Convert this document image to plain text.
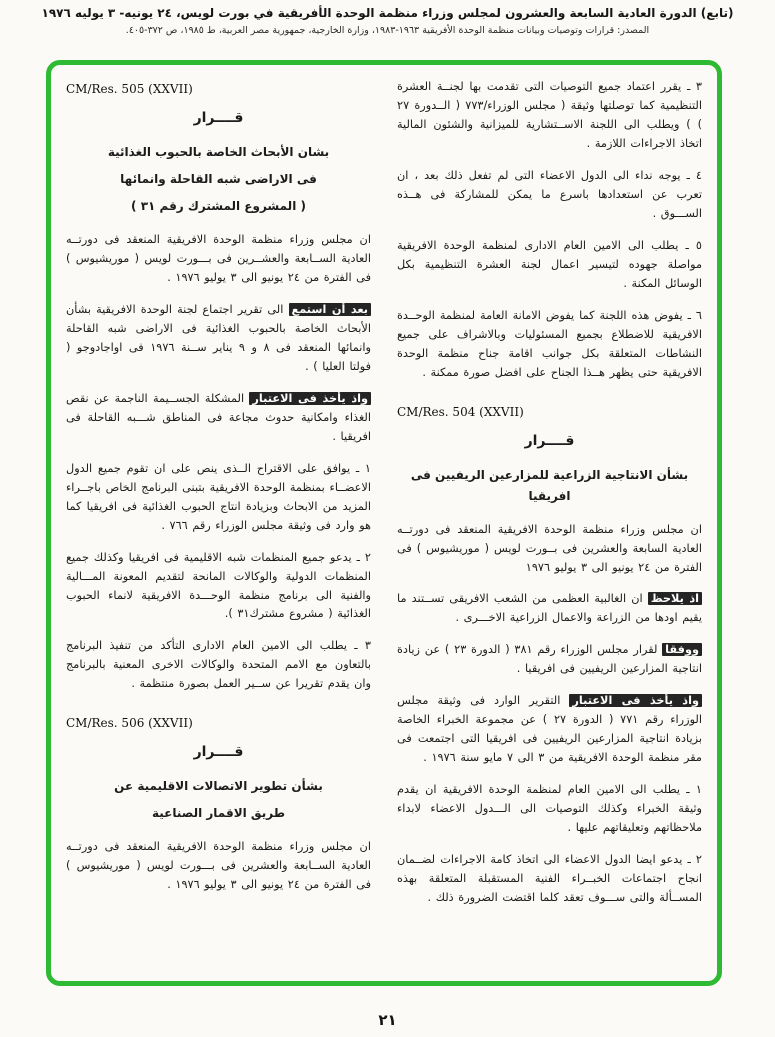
(تابع) الدورة العادية السابعة والعشرون لمجلس وزراء منظمة الوحدة الأفريقية في بورت لويس، ٢٤ يونيه- ٣ يوليه ١٩٧٦
المصدر: قرارات وتوصيات وبيانات منظمة الوحدة الأفريقية ١٩٦٣-١٩٨٣، وزارة الخارجية، جمهورية مصر العربية، ط ١٩٨٥، ص ٣٧٢-٤٠٥.
٣ ـ يقرر اعتماد جميع التوصيات التى تقدمت بها لجنــة العشرة التنظيمية كما توصلتها وثيقة ( مجلس الوزراء/٧٧٣ ( الــدورة ٢٧ ) ) ويطلب الى اللجنة الاســتشارية للميزانية والشئون المالية اتخاذ الاجراءات اللازمة .
٤ ـ يوجه نداء الى الدول الاعضاء التى لم تفعل ذلك بعد ، ان تعرب عن استعدادها باسرع ما يمكن للمشاركة فى هــذه الســـوق .
٥ ـ يطلب الى الامين العام الادارى لمنظمة الوحدة الافريقية مواصلة جهوده لتيسير اعمال لجنة العشرة التنظيمية بكل الوسائل المكنة .
٦ ـ يفوض هذه اللجنة كما يفوض الامانة العامة لمنظمة الوحــدة الافريقية للاضطلاع بجميع المسئوليات وبالاشراف على جميع النشاطات المتعلقة بكل جوانب اقامة جناح منظمة الوحدة الافريقية حتى يظهر هــذا الجناح على افضل صورة ممكنة .
CM/Res. 504 (XXVII)
قــــرار
بشأن الانتاجية الزراعية للمزارعين الريفيين فى افريقيا
ان مجلس وزراء منظمة الوحدة الافريقية المنعقد فى دورتــه العادية السابعة والعشرين فى بــورت لويس ( موريشيوس ) فى الفترة من ٢٤ يونيو الى ٣ يوليو ١٩٧٦
اذ يلاحظ ان الغالبية العظمى من الشعب الافريقى تســتند ما يقيم اودها من الزراعة والاعمال الزراعية الاخـــرى .
ووفقا لقرار مجلس الوزراء رقم ٣٨١ ( الدورة ٢٣ ) عن زيادة انتاجية المزارعين الريفيين فى افريقيا .
واذ يأخذ فى الاعتبار التقرير الوارد فى وثيقة مجلس الوزراء رقم ٧٧١ ( الدورة ٢٧ ) عن مجموعة الخبراء الخاصة بزيادة انتاجية المزارعين الريفيين فى افريقيا التى اجتمعت فى مقر منظمة الوحدة الافريقية من ٣ الى ٧ مايو سنة ١٩٧٦ .
١ ـ يطلب الى الامين العام لمنظمة الوحدة الافريقية ان يقدم وثيقة الخبراء وكذلك التوصيات الى الـــدول الاعضاء لابداء ملاحظاتهم وتعليقاتهم عليها .
٢ ـ يدعو ايضا الدول الاعضاء الى اتخاذ كامة الاجراءات لضــمان انجاح اجتماعات الخبــراء الفنية المستقبلة المتعلقة بهذه المســألة والتى ســـوف تعقد كلما اقتضت الضرورة ذلك .
CM/Res. 505 (XXVII)
قــــرار
بشان الأبحاث الخاصة بالحبوب الغذائية
فى الاراضى شبه القاحلة وانمائها
( المشروع المشترك رقم ٣١ )
ان مجلس وزراء منظمة الوحدة الافريقية المنعقد فى دورتــه العادية الســابعة والعشــرين فى بـــورت لويس ( موريشيوس ) فى الفترة من ٢٤ يونيو الى ٣ يوليو ١٩٧٦ .
بعد أن استمع الى تقرير اجتماع لجنة الوحدة الافريقية بشأن الأبحاث الخاصة بالحبوب الغذائية فى الاراضى شبه القاحلة وانمائها المنعقد فى ٨ و ٩ يناير ســنة ١٩٧٦ فى اواجادوجو ( فولتا العليا ) .
واذ يأخذ فى الاعتبار المشكلة الجســيمة الناجمة عن نقص الغذاء وامكانية حدوث مجاعة فى المناطق شـــبه القاحلة فى افريقيا .
١ ـ يوافق على الاقتراح الــذى ينص على ان تقوم جميع الدول الاعضــاء بمنظمة الوحدة الافريقية بتبنى البرنامج الخاص باجــراء المزيد من الابحاث وبزيادة انتاج الحبوب الغذائية فى افريقيا كما هو وارد فى وثيقة مجلس الوزراء رقم ٧٦٦ .
٢ ـ يدعو جميع المنظمات شبه الاقليمية فى افريقيا وكذلك جميع المنظمات الدولية والوكالات المانحة لتقديم المعونة المـــالية والفنية الى برنامج منظمة الوحـــدة الافريقية لانماء الحبوب الغذائية ( مشروع مشترك٣١ ).
٣ ـ يطلب الى الامين العام الادارى التأكد من تنفيذ البرنامج بالتعاون مع الامم المتحدة والوكالات الاخرى المعنية بالبرنامج وان يقدم تقريرا عن ســير العمل بصورة منتظمة .
CM/Res. 506 (XXVII)
قــــرار
بشأن تطوير الاتصالات الاقليمية عن
طريق الاقمار الصناعية
ان مجلس وزراء منظمة الوحدة الافريقية المنعقد فى دورتــه العادية الســابعة والعشرين فى بـــورت لويس ( موريشيوس ) فى الفترة من ٢٤ يونيو الى ٣ يوليو ١٩٧٦ .
٢١
